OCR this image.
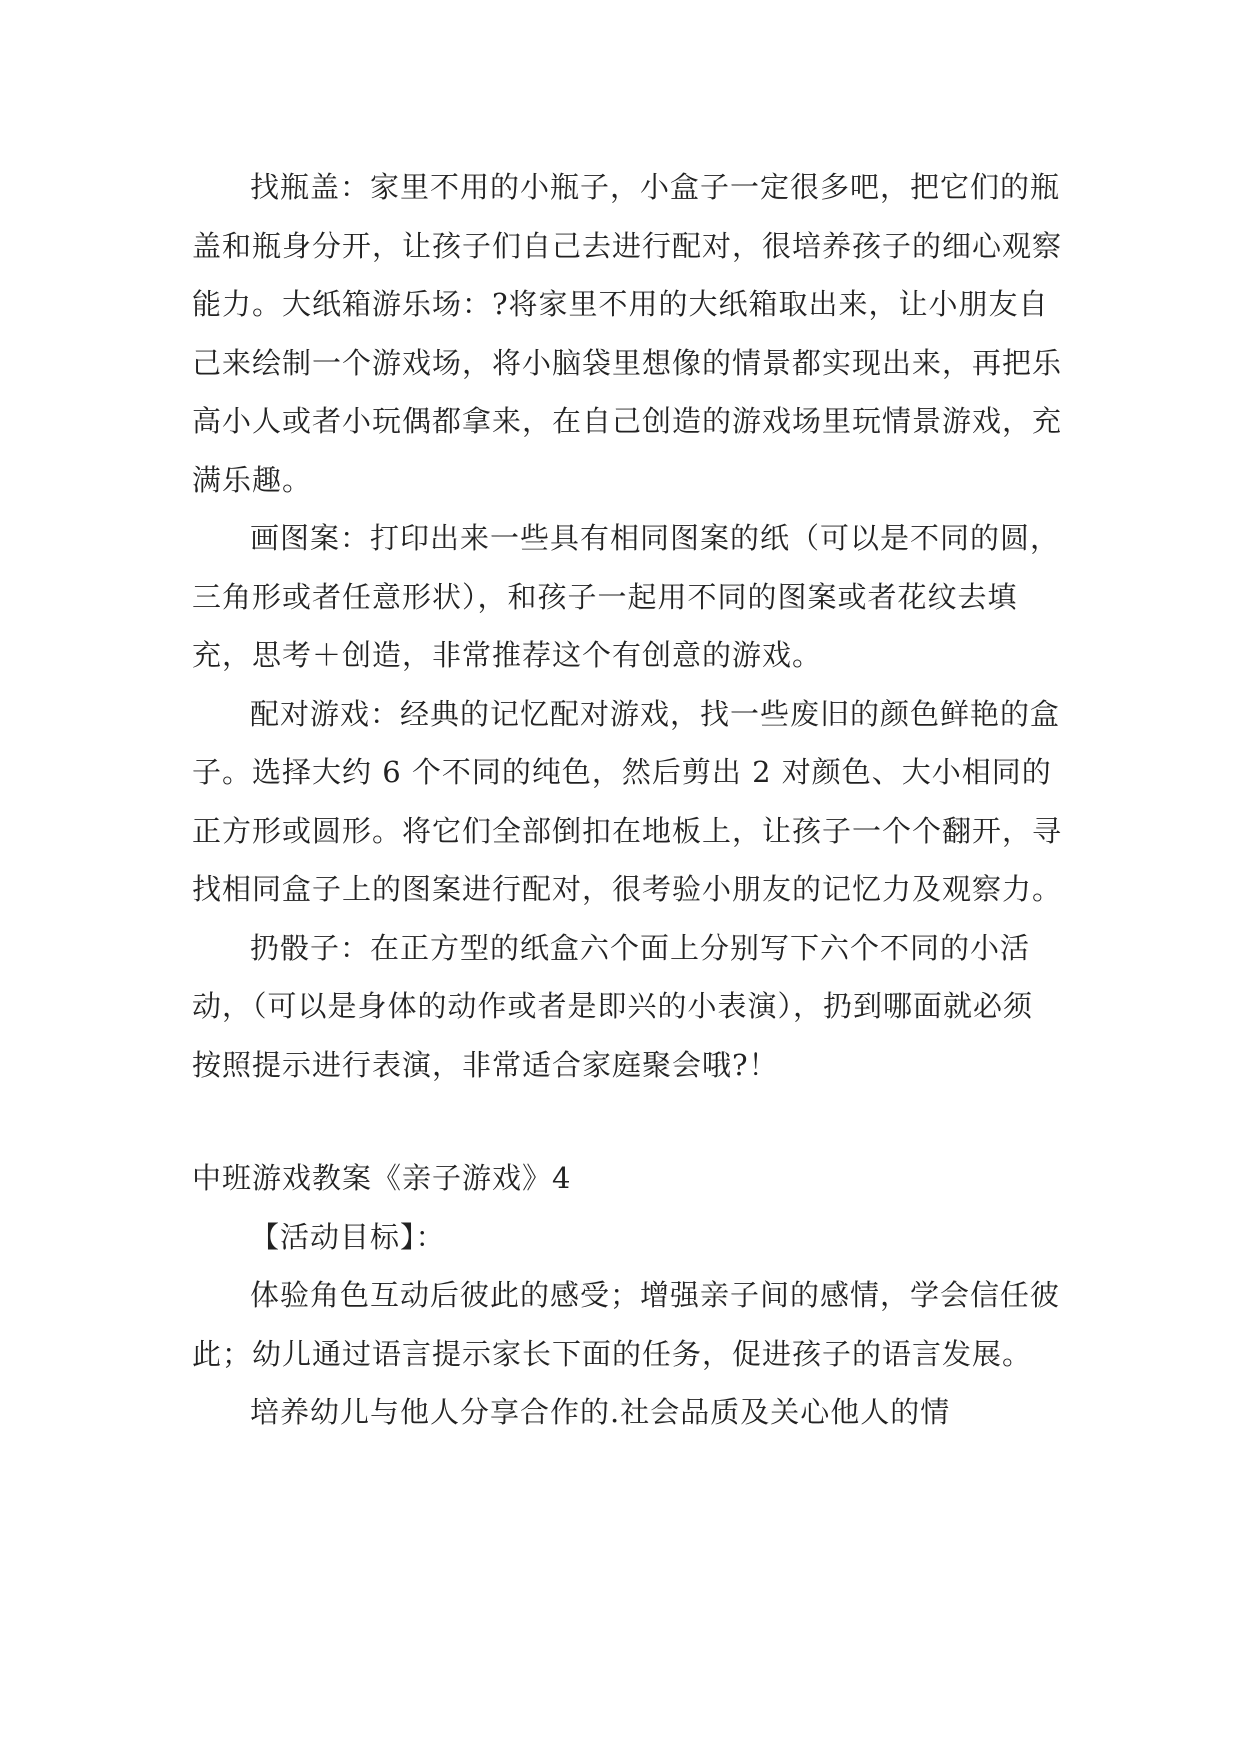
找瓶盖：家里不用的小瓶子，小盒子一定很多吧，把它们的瓶盖和瓶身分开，让孩子们自己去进行配对，很培养孩子的细心观察能力。大纸箱游乐场：?将家里不用的大纸箱取出来，让小朋友自己来绘制一个游戏场，将小脑袋里想像的情景都实现出来，再把乐高小人或者小玩偶都拿来，在自己创造的游戏场里玩情景游戏，充满乐趣。

画图案：打印出来一些具有相同图案的纸（可以是不同的圆，三角形或者任意形状），和孩子一起用不同的图案或者花纹去填充，思考＋创造，非常推荐这个有创意的游戏。

配对游戏：经典的记忆配对游戏，找一些废旧的颜色鲜艳的盒子。选择大约 6 个不同的纯色，然后剪出 2 对颜色、大小相同的正方形或圆形。将它们全部倒扣在地板上，让孩子一个个翻开，寻找相同盒子上的图案进行配对，很考验小朋友的记忆力及观察力。

扔骰子：在正方型的纸盒六个面上分别写下六个不同的小活动，（可以是身体的动作或者是即兴的小表演），扔到哪面就必须按照提示进行表演，非常适合家庭聚会哦?！

中班游戏教案《亲子游戏》4

【活动目标】：

体验角色互动后彼此的感受；增强亲子间的感情，学会信任彼此；幼儿通过语言提示家长下面的任务，促进孩子的语言发展。

培养幼儿与他人分享合作的.社会品质及关心他人的情
